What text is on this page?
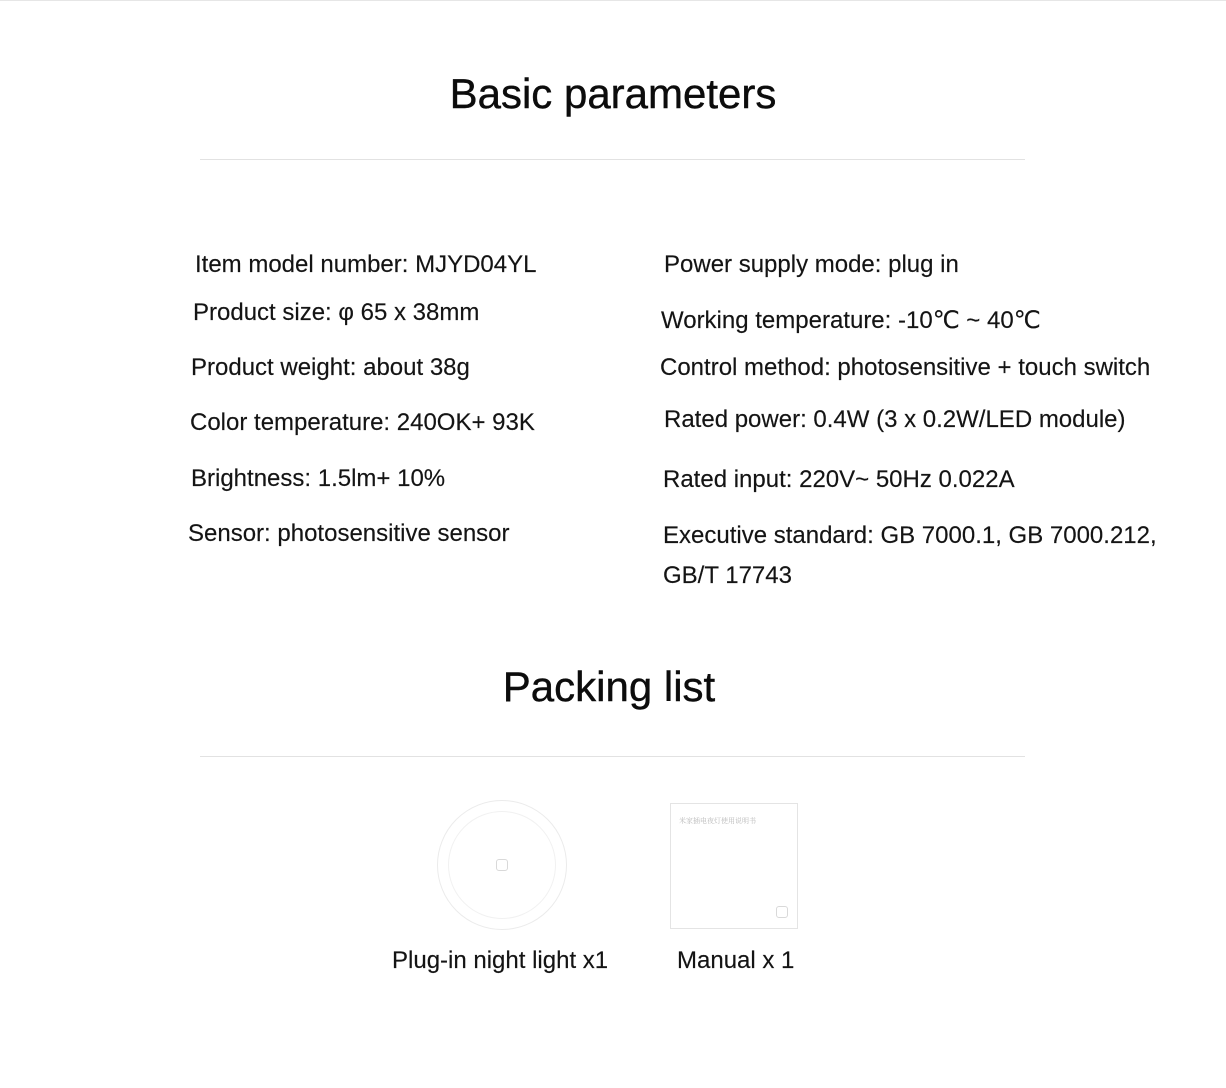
Basic parameters
Item model number: MJYD04YL
Product size: φ 65 x 38mm
Product weight: about 38g
Color temperature: 240OK+ 93K
Brightness: 1.5lm+ 10%
Sensor: photosensitive sensor
Power supply mode: plug in
Working temperature: -10℃ ~ 40℃
Control method: photosensitive + touch switch
Rated power: 0.4W (3 x 0.2W/LED module)
Rated input: 220V~ 50Hz 0.022A
Executive standard: GB 7000.1, GB 7000.212, GB/T 17743
Packing list
Plug-in night light x1
米家插电夜灯使用说明书
Manual x 1
